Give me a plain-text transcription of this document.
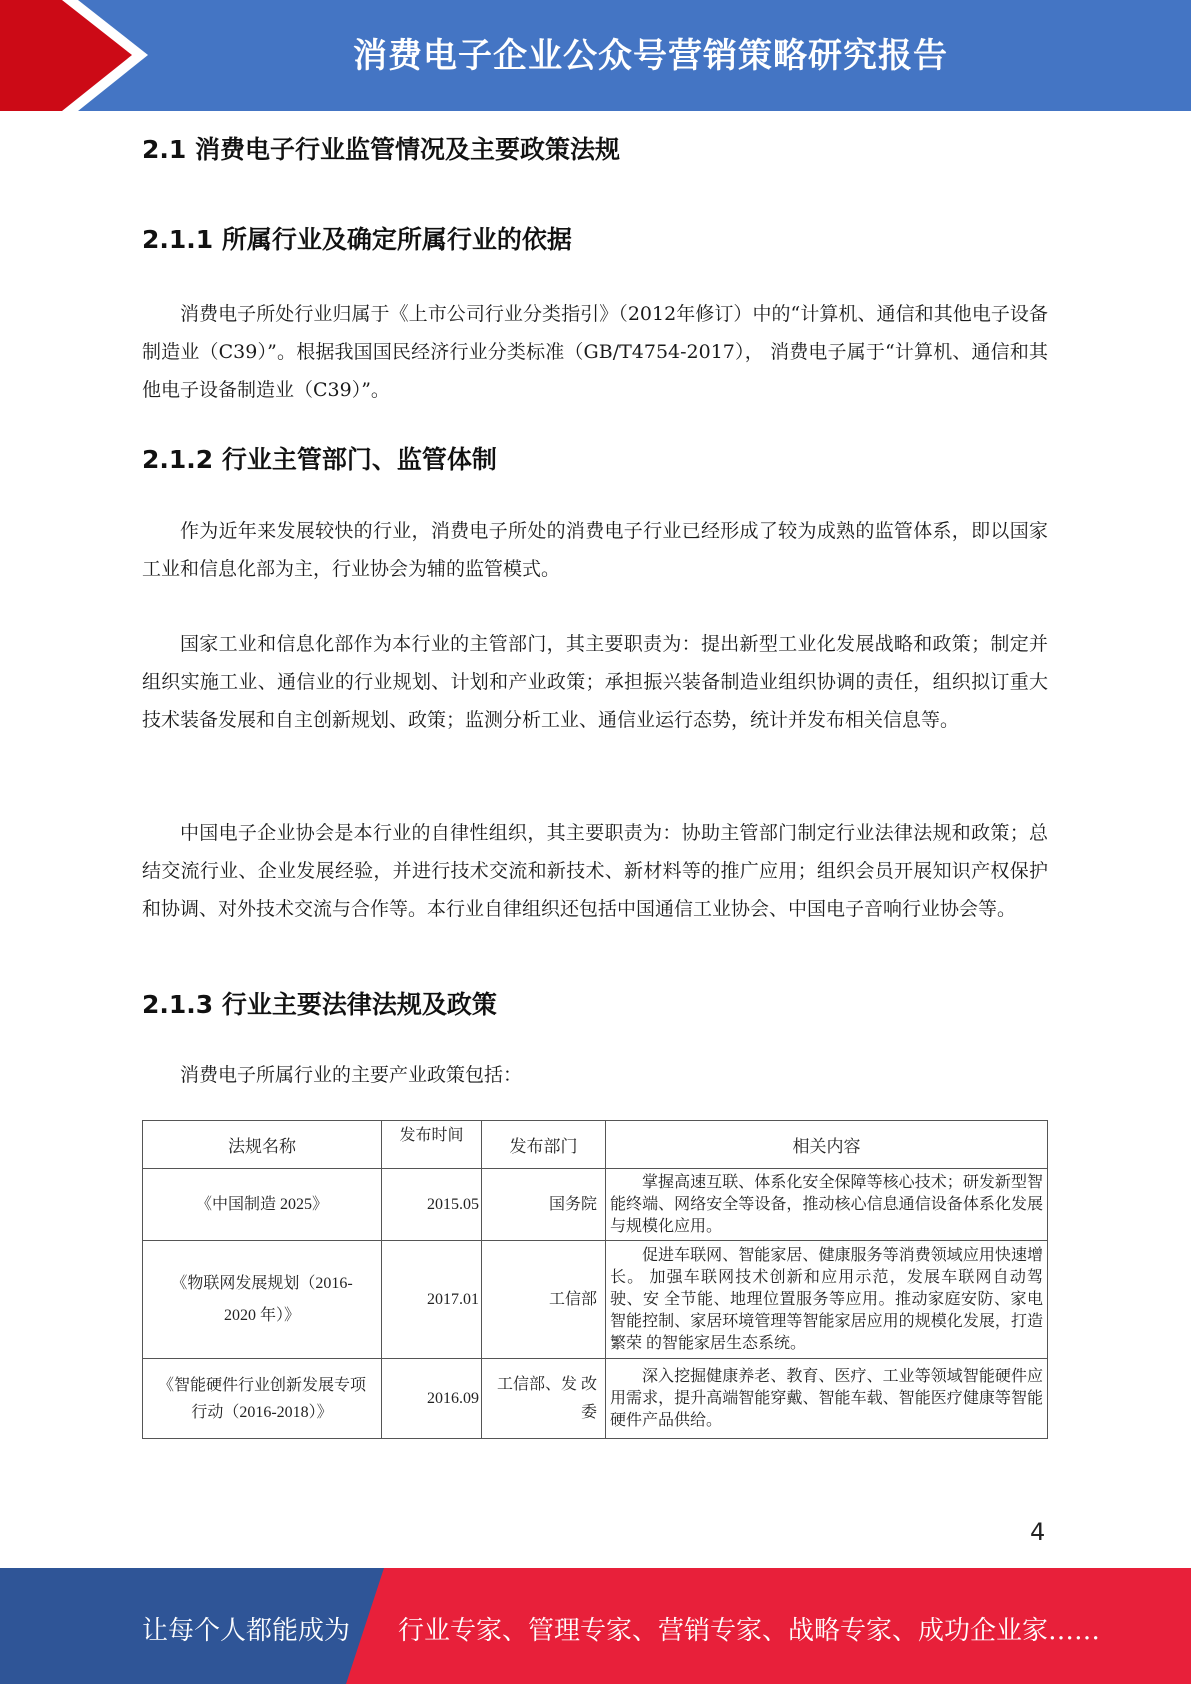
消费电子企业公众号营销策略研究报告
2.1 消费电子行业监管情况及主要政策法规
2.1.1 所属行业及确定所属行业的依据

消费电子所处行业归属于《上市公司行业分类指引》（2012年修订）中的“计算机、通信和其他电子设备制造业（C39）”。根据我国国民经济行业分类标准（GB/T4754-2017）， 消费电子属于“计算机、通信和其他电子设备制造业（C39）”。

2.1.2 行业主管部门、监管体制

作为近年来发展较快的行业，消费电子所处的消费电子行业已经形成了较为成熟的监管体系，即以国家工业和信息化部为主，行业协会为辅的监管模式。

国家工业和信息化部作为本行业的主管部门，其主要职责为：提出新型工业化发展战略和政策；制定并组织实施工业、通信业的行业规划、计划和产业政策；承担振兴装备制造业组织协调的责任，组织拟订重大技术装备发展和自主创新规划、政策；监测分析工业、通信业运行态势，统计并发布相关信息等。

中国电子企业协会是本行业的自律性组织，其主要职责为：协助主管部门制定行业法律法规和政策；总结交流行业、企业发展经验，并进行技术交流和新技术、新材料等的推广应用；组织会员开展知识产权保护和协调、对外技术交流与合作等。本行业自律组织还包括中国通信工业协会、中国电子音响行业协会等。

2.1.3 行业主要法律法规及政策

消费电子所属行业的主要产业政策包括：

法规名称	发布时间	发布部门	相关内容
《中国制造 2025》	2015.05	国务院	掌握高速互联、体系化安全保障等核心技术；研发新型智能终端、网络安全等设备，推动核心信息通信设备体系化发展 与规模化应用。

《物联网发展规划（2016-2020 年）》	2017.01	工信部	促进车联网、智能家居、健康服务等消费领域应用快速增长。 加强车联网技术创新和应用示范，发展车联网自动驾驶、安 全节能、地理位置服务等应用。推动家庭安防、家电智能控制、家居环境管理等智能家居应用的规模化发展，打造繁荣 的智能家居生态系统。

《智能硬件行业创新发展专项行动（2016-2018）》	2016.09	工信部、发 改委	深入挖掘健康养老、教育、医疗、工业等领域智能硬件应用需求，提升高端智能穿戴、智能车载、智能医疗健康等智能 硬件产品供给。
4
让每个人都能成为 行业专家、管理专家、营销专家、战略专家、成功企业家……
